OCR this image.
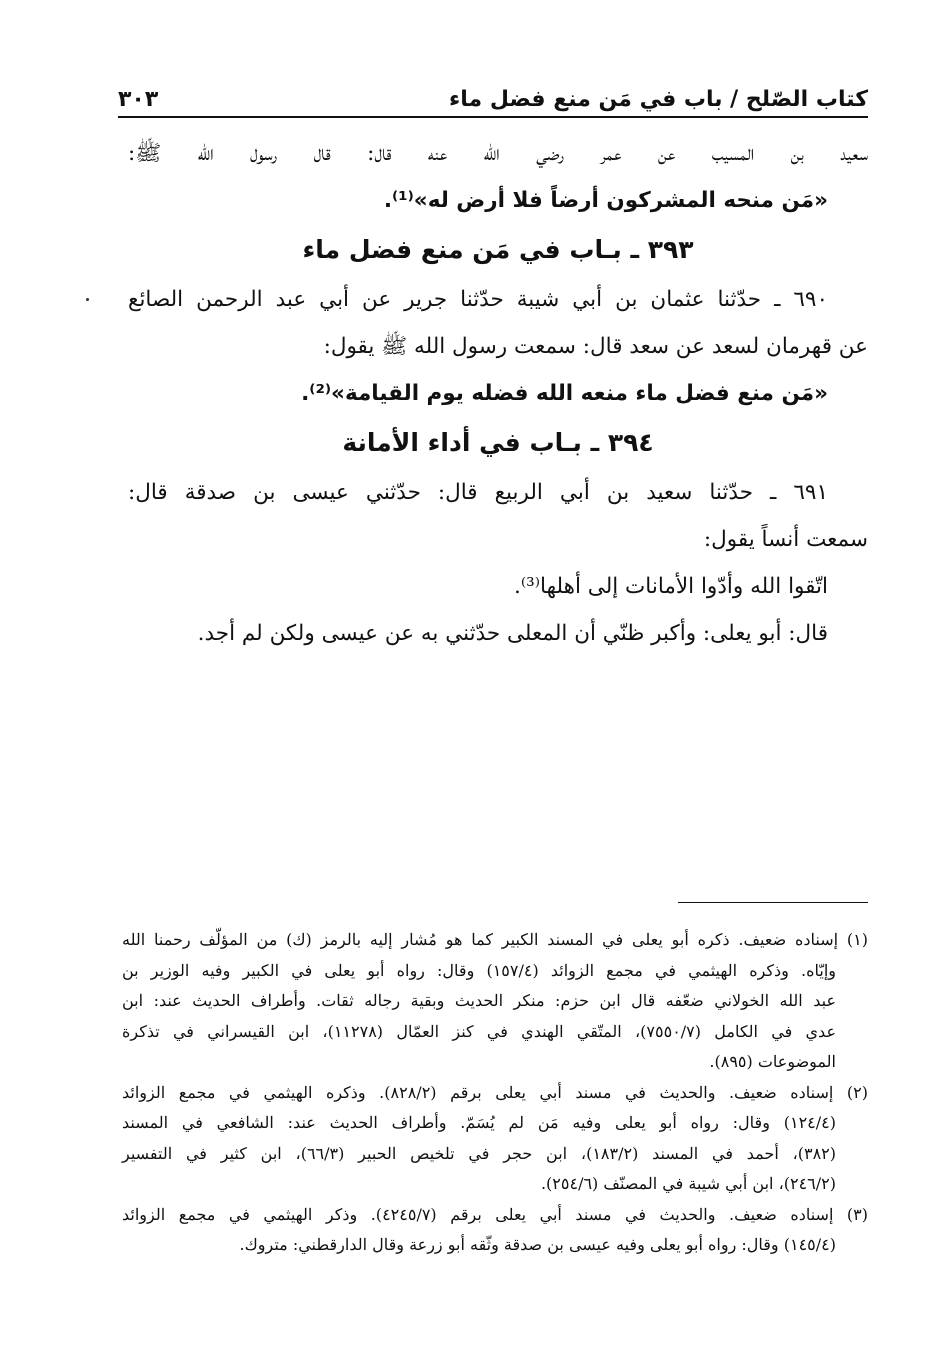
كتاب الصّلح / باب في مَن منع فضل ماء
٣٠٣
سعيد بن المسيب عن عمر رضي الله عنه قال: قال رسول الله ﷺ:
«مَن منحه المشركون أرضاً فلا أرض له»⁽¹⁾.
٣٩٣ ـ بـاب في مَن منع فضل ماء
٦٩٠ ـ حدّثنا عثمان بن أبي شيبة حدّثنا جرير عن أبي عبد الرحمن الصائع
عن قهرمان لسعد عن سعد قال: سمعت رسول الله ﷺ يقول:
«مَن منع فضل ماء منعه الله فضله يوم القيامة»⁽²⁾.
٣٩٤ ـ بـاب في أداء الأمانة
٦٩١ ـ حدّثنا سعيد بن أبي الربيع قال: حدّثني عيسى بن صدقة قال:
سمعت أنساً يقول:
اتّقوا الله وأدّوا الأمانات إلى أهلها⁽³⁾.
قال: أبو يعلى: وأكبر ظنّي أن المعلى حدّثني به عن عيسى ولكن لم أجد.
(١) إسناده ضعيف. ذكره أبو يعلى في المسند الكبير كما هو مُشار إليه بالرمز (ك) من المؤلّف رحمنا الله
وإيّاه. وذكره الهيثمي في مجمع الزوائد (١٥٧/٤) وقال: رواه أبو يعلى في الكبير وفيه الوزير بن
عبد الله الخولاني ضعّفه قال ابن حزم: منكر الحديث وبقية رجاله ثقات. وأطراف الحديث عند: ابن
عدي في الكامل (٧٥٥٠/٧)، المتّقي الهندي في كنز العمّال (١١٢٧٨)، ابن القيسراني في تذكرة
الموضوعات (٨٩٥).
(٢) إسناده ضعيف. والحديث في مسند أبي يعلى برقم (٨٢٨/٢). وذكره الهيثمي في مجمع الزوائد
(١٢٤/٤) وقال: رواه أبو يعلى وفيه مَن لم يُسَمّ. وأطراف الحديث عند: الشافعي في المسند
(٣٨٢)، أحمد في المسند (١٨٣/٢)، ابن حجر في تلخيص الحبير (٦٦/٣)، ابن كثير في التفسير
(٢٤٦/٢)، ابن أبي شيبة في المصنّف (٢٥٤/٦).
(٣) إسناده ضعيف. والحديث في مسند أبي يعلى برقم (٤٢٤٥/٧). وذكر الهيثمي في مجمع الزوائد
(١٤٥/٤) وقال: رواه أبو يعلى وفيه عيسى بن صدقة وثّقه أبو زرعة وقال الدارقطني: متروك.
